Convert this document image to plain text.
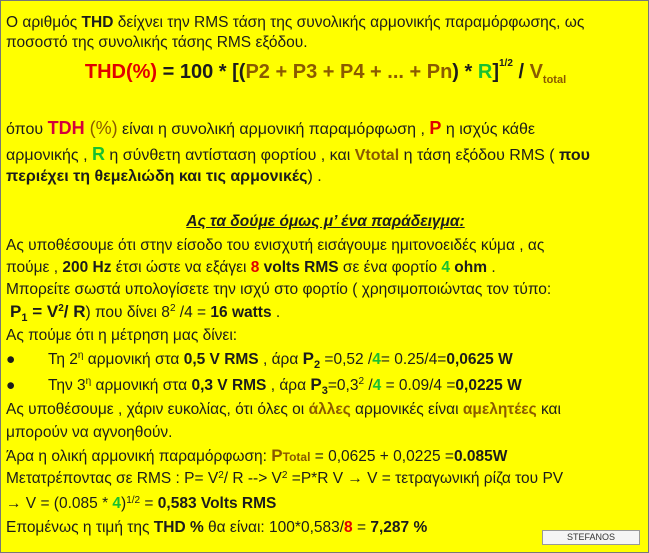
Ο αριθμός THD δείχνει την RMS τάση της συνολικής αρμονικής παραμόρφωσης, ως
ποσοστό της συνολικής τάσης RMS εξόδου.
THD(%) = 100 * [(P2 + P3 + P4 + ... + $Pn) * R]^{1/2} / V_{total}$
όπου TDH (%) είναι η συνολική αρμονική παραμόρφωση , P η ισχύς κάθε
αρμονικής , R η σύνθετη αντίσταση φορτίου , και Vtotal η τάση εξόδου RMS ( που
περιέχει τη θεμελιώδη και τις αρμονικές) .
Ας τα δούμε όμως μ’ ένα παράδειγμα:
Ας υποθέσουμε ότι στην είσοδο του ενισχυτή εισάγουμε ημιτονοειδές κύμα , ας
πούμε , 200 Hz έτσι ώστε να εξάγει 8 volts RMS σε ένα φορτίο 4 ohm .
Μπορείτε σωστά υπολογίσετε την ισχύ στο φορτίο ( χρησιμοποιώντας τον τύπο:
$P_1 = V^2/$ R) που δίνει $8^2$ /4 = 16 watts .
Ας πούμε ότι η μέτρηση μας δίνει:
● Τη $2^\eta$ αρμονική στα 0,5 V RMS , άρα $P_2 =0,52$ /4= 0.25/4=0,0625 W
● Την $3^\eta$ αρμονική στα 0,3 V RMS , άρα $P_3=0,3^2$ /4 = 0.09/4 =0,0225 W
Ας υποθέσουμε , χάριν ευκολίας, ότι όλες οι άλλες αρμονικές είναι αμελητέες και
μπορούν να αγνοηθούν.
Άρα η ολική αρμονική παραμόρφωση: PTotal = 0,0625 + 0,0225 =0.085W
Μετατρέποντας σε RMS : $P= V^2/$ R --> $V^2 =P*R$ V → V = τετραγωνική ρίζα του PV
→ V = (0.085 * 4)$^{1/2}$ = 0,583 Volts RMS
Επομένως η τιμή της THD % θα είναι: 100*0,583/8 = 7,287 %
STEFANOS
